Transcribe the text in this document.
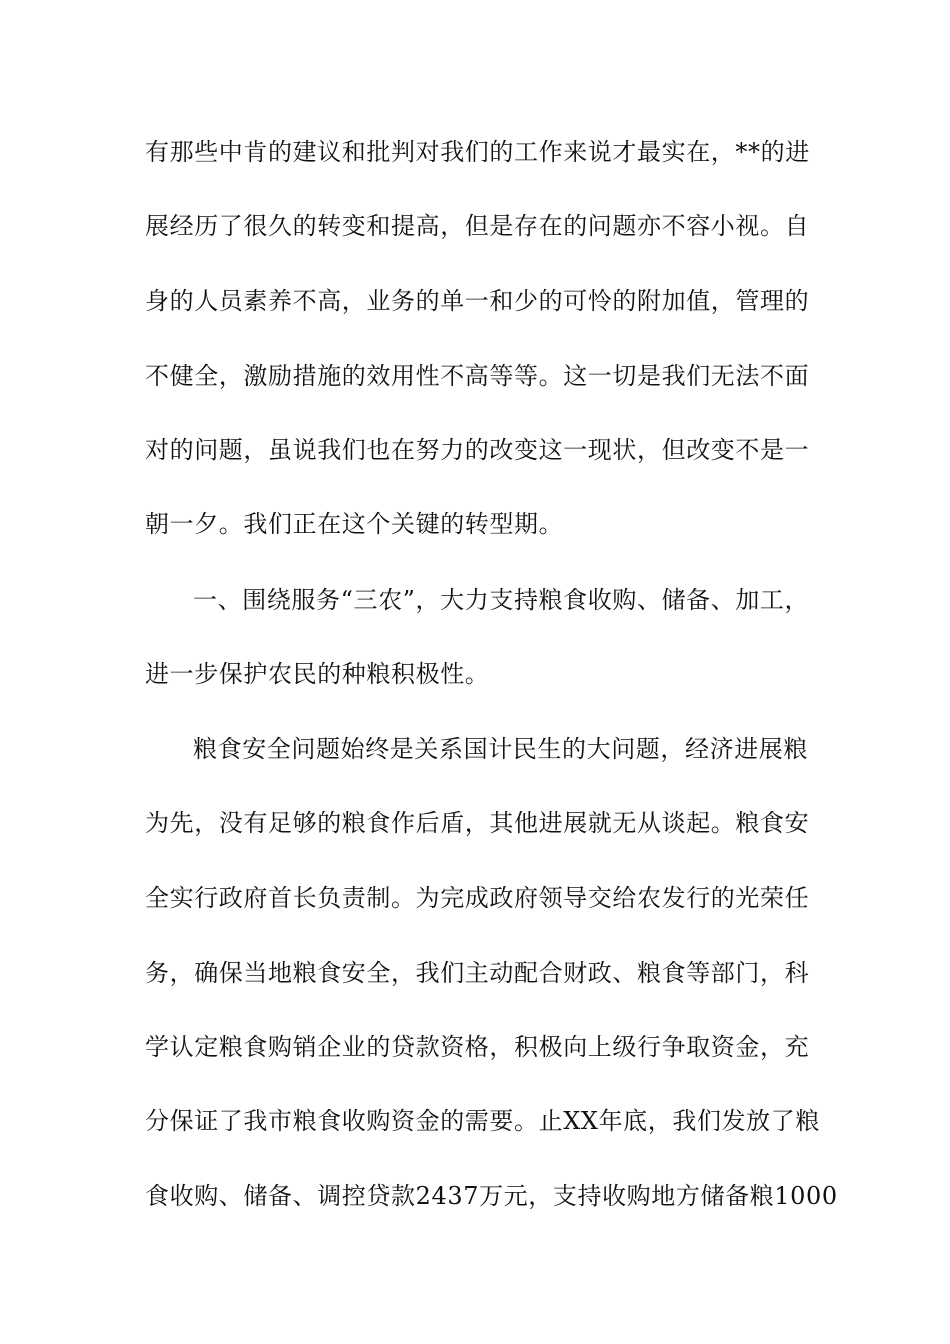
有那些中肯的建议和批判对我们的工作来说才最实在，**的进
展经历了很久的转变和提高，但是存在的问题亦不容小视。自
身的人员素养不高，业务的单一和少的可怜的附加值，管理的
不健全，激励措施的效用性不高等等。这一切是我们无法不面
对的问题，虽说我们也在努力的改变这一现状，但改变不是一
朝一夕。我们正在这个关键的转型期。
一、围绕服务“三农”，大力支持粮食收购、储备、加工，
进一步保护农民的种粮积极性。
粮食安全问题始终是关系国计民生的大问题，经济进展粮
为先，没有足够的粮食作后盾，其他进展就无从谈起。粮食安
全实行政府首长负责制。为完成政府领导交给农发行的光荣任
务，确保当地粮食安全，我们主动配合财政、粮食等部门，科
学认定粮食购销企业的贷款资格，积极向上级行争取资金，充
分保证了我市粮食收购资金的需要。止XX年底，我们发放了粮
食收购、储备、调控贷款2437万元，支持收购地方储备粮1000
